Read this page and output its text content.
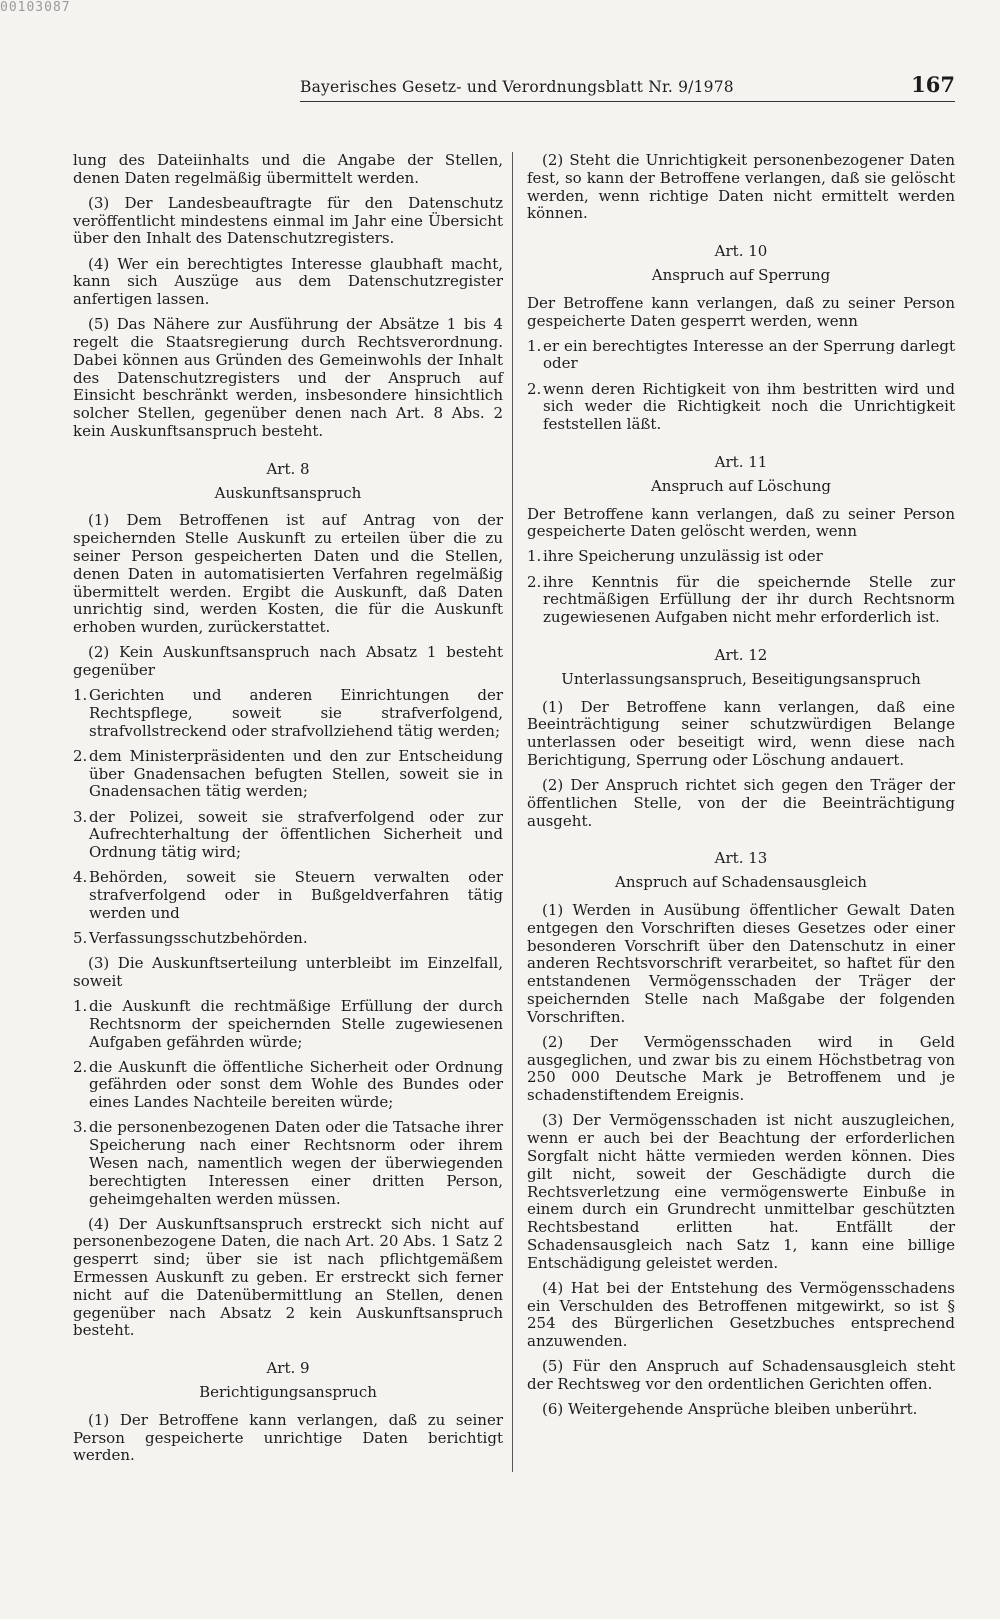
00103087
Bayerisches Gesetz- und Verordnungsblatt Nr. 9/1978	167

lung des Dateiinhalts und die Angabe der Stellen, denen Daten regelmäßig übermittelt werden.

(3) Der Landesbeauftragte für den Datenschutz veröffentlicht mindestens einmal im Jahr eine Übersicht über den Inhalt des Datenschutzregisters.

(4) Wer ein berechtigtes Interesse glaubhaft macht, kann sich Auszüge aus dem Datenschutzregister anfertigen lassen.

(5) Das Nähere zur Ausführung der Absätze 1 bis 4 regelt die Staatsregierung durch Rechtsverordnung. Dabei können aus Gründen des Gemeinwohls der Inhalt des Datenschutzregisters und der Anspruch auf Einsicht beschränkt werden, insbesondere hinsichtlich solcher Stellen, gegenüber denen nach Art. 8 Abs. 2 kein Auskunftsanspruch besteht.

Art. 8
Auskunftsanspruch

(1) Dem Betroffenen ist auf Antrag von der speichernden Stelle Auskunft zu erteilen über die zu seiner Person gespeicherten Daten und die Stellen, denen Daten in automatisierten Verfahren regelmäßig übermittelt werden. Ergibt die Auskunft, daß Daten unrichtig sind, werden Kosten, die für die Auskunft erhoben wurden, zurückerstattet.

(2) Kein Auskunftsanspruch nach Absatz 1 besteht gegenüber

1. Gerichten und anderen Einrichtungen der Rechtspflege, soweit sie strafverfolgend, strafvollstreckend oder strafvollziehend tätig werden;
2. dem Ministerpräsidenten und den zur Entscheidung über Gnadensachen befugten Stellen, soweit sie in Gnadensachen tätig werden;
3. der Polizei, soweit sie strafverfolgend oder zur Aufrechterhaltung der öffentlichen Sicherheit und Ordnung tätig wird;
4. Behörden, soweit sie Steuern verwalten oder strafverfolgend oder in Bußgeldverfahren tätig werden und
5. Verfassungsschutzbehörden.

(3) Die Auskunftserteilung unterbleibt im Einzelfall, soweit

1. die Auskunft die rechtmäßige Erfüllung der durch Rechtsnorm der speichernden Stelle zugewiesenen Aufgaben gefährden würde;
2. die Auskunft die öffentliche Sicherheit oder Ordnung gefährden oder sonst dem Wohle des Bundes oder eines Landes Nachteile bereiten würde;
3. die personenbezogenen Daten oder die Tatsache ihrer Speicherung nach einer Rechtsnorm oder ihrem Wesen nach, namentlich wegen der überwiegenden berechtigten Interessen einer dritten Person, geheimgehalten werden müssen.

(4) Der Auskunftsanspruch erstreckt sich nicht auf personenbezogene Daten, die nach Art. 20 Abs. 1 Satz 2 gesperrt sind; über sie ist nach pflichtgemäßem Ermessen Auskunft zu geben. Er erstreckt sich ferner nicht auf die Datenübermittlung an Stellen, denen gegenüber nach Absatz 2 kein Auskunftsanspruch besteht.

Art. 9
Berichtigungsanspruch

(1) Der Betroffene kann verlangen, daß zu seiner Person gespeicherte unrichtige Daten berichtigt werden.

(2) Steht die Unrichtigkeit personenbezogener Daten fest, so kann der Betroffene verlangen, daß sie gelöscht werden, wenn richtige Daten nicht ermittelt werden können.

Art. 10
Anspruch auf Sperrung

Der Betroffene kann verlangen, daß zu seiner Person gespeicherte Daten gesperrt werden, wenn

1. er ein berechtigtes Interesse an der Sperrung darlegt oder
2. wenn deren Richtigkeit von ihm bestritten wird und sich weder die Richtigkeit noch die Unrichtigkeit feststellen läßt.
Art. 11
Anspruch auf Löschung

Der Betroffene kann verlangen, daß zu seiner Person gespeicherte Daten gelöscht werden, wenn

1. ihre Speicherung unzulässig ist oder
2. ihre Kenntnis für die speichernde Stelle zur rechtmäßigen Erfüllung der ihr durch Rechtsnorm zugewiesenen Aufgaben nicht mehr erforderlich ist.
Art. 12
Unterlassungsanspruch, Beseitigungsanspruch

(1) Der Betroffene kann verlangen, daß eine Beeinträchtigung seiner schutzwürdigen Belange unterlassen oder beseitigt wird, wenn diese nach Berichtigung, Sperrung oder Löschung andauert.

(2) Der Anspruch richtet sich gegen den Träger der öffentlichen Stelle, von der die Beeinträchtigung ausgeht.

Art. 13
Anspruch auf Schadensausgleich

(1) Werden in Ausübung öffentlicher Gewalt Daten entgegen den Vorschriften dieses Gesetzes oder einer besonderen Vorschrift über den Datenschutz in einer anderen Rechtsvorschrift verarbeitet, so haftet für den entstandenen Vermögensschaden der Träger der speichernden Stelle nach Maßgabe der folgenden Vorschriften.

(2) Der Vermögensschaden wird in Geld ausgeglichen, und zwar bis zu einem Höchstbetrag von 250 000 Deutsche Mark je Betroffenem und je schadenstiftendem Ereignis.

(3) Der Vermögensschaden ist nicht auszugleichen, wenn er auch bei der Beachtung der erforderlichen Sorgfalt nicht hätte vermieden werden können. Dies gilt nicht, soweit der Geschädigte durch die Rechtsverletzung eine vermögenswerte Einbuße in einem durch ein Grundrecht unmittelbar geschützten Rechtsbestand erlitten hat. Entfällt der Schadensausgleich nach Satz 1, kann eine billige Entschädigung geleistet werden.

(4) Hat bei der Entstehung des Vermögensschadens ein Verschulden des Betroffenen mitgewirkt, so ist § 254 des Bürgerlichen Gesetzbuches entsprechend anzuwenden.

(5) Für den Anspruch auf Schadensausgleich steht der Rechtsweg vor den ordentlichen Gerichten offen.

(6) Weitergehende Ansprüche bleiben unberührt.
